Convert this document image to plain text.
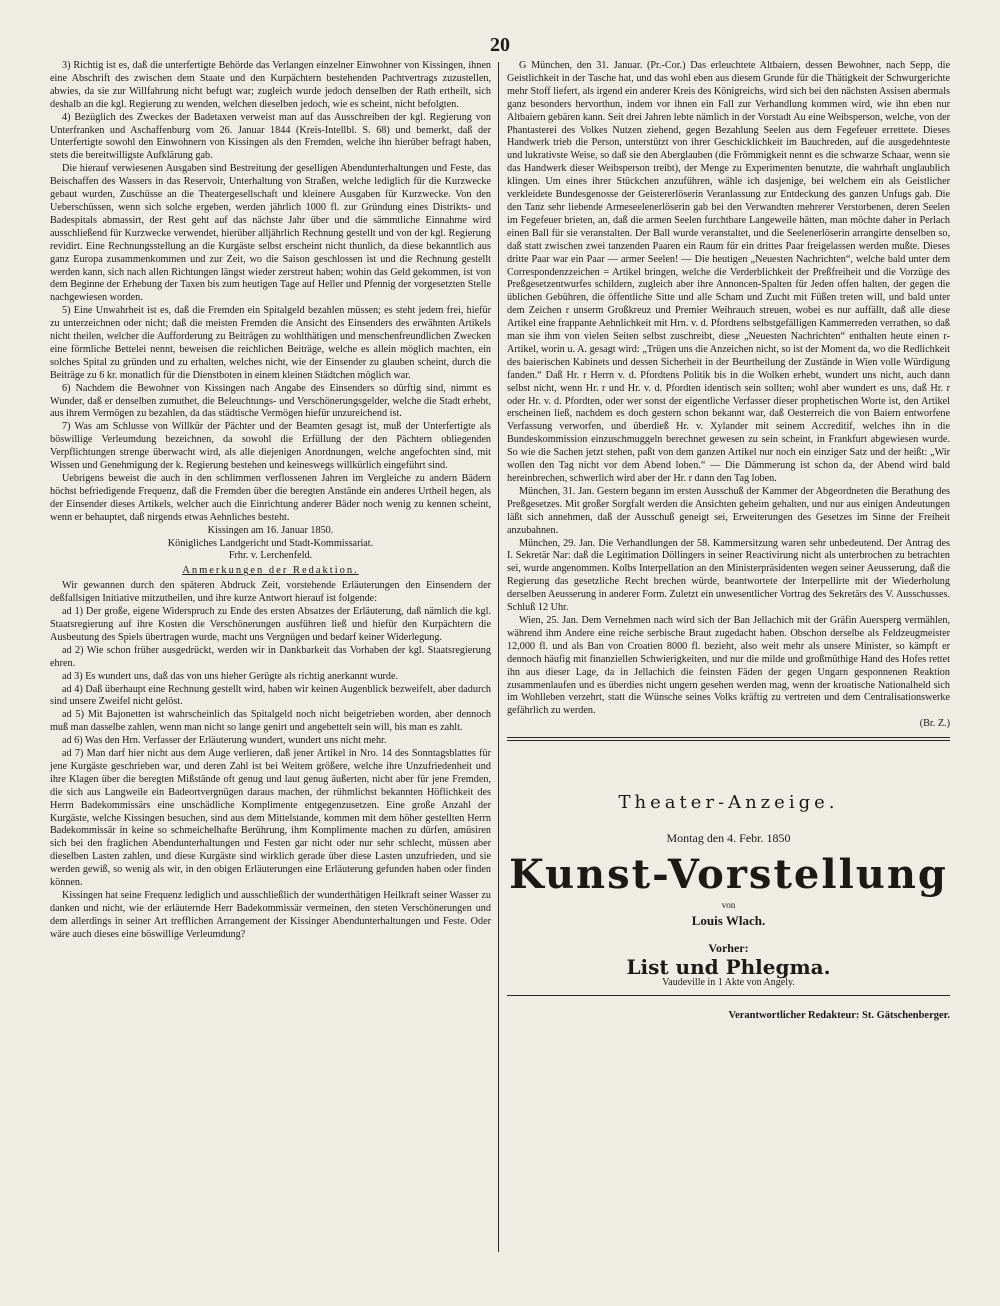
20

3) Richtig ist es, daß die unterfertigte Behörde das Verlangen einzelner Einwohner von Kissingen, ihnen eine Abschrift des zwischen dem Staate und den Kurpächtern bestehenden Pachtvertrags zuzustellen, abwies, da sie zur Willfahrung nicht befugt war; zugleich wurde jedoch denselben der Rath ertheilt, sich deshalb an die kgl. Regierung zu wenden, welchen dieselben jedoch, wie es scheint, nicht befolgten.

4) Bezüglich des Zweckes der Badetaxen verweist man auf das Ausschreiben der kgl. Regierung von Unterfranken und Aschaffenburg vom 26. Januar 1844 (Kreis-Intellbl. S. 68) und bemerkt, daß der Unterfertigte sowohl den Einwohnern von Kissingen als den Fremden, welche ihn hierüber befragt haben, stets die bereitwilligste Aufklärung gab.

Die hierauf verwiesenen Ausgaben sind Bestreitung der geselligen Abendunterhaltungen und Feste, das Beischaffen des Wassers in das Reservoir, Unterhaltung von Straßen, welche lediglich für die Kurzwecke gebaut wurden, Zuschüsse an die Theatergesellschaft und kleinere Ausgaben für Kurzwecke. Von den Ueberschüssen, wenn sich solche ergeben, werden jährlich 1000 fl. zur Gründung eines Distrikts- und Badespitals abmassirt, der Rest geht auf das nächste Jahr über und die sämmtliche Einnahme wird ausschließend für Kurzwecke verwendet, hierüber alljährlich Rechnung gestellt und von der kgl. Regierung revidirt. Eine Rechnungsstellung an die Kurgäste selbst erscheint nicht thunlich, da diese bekanntlich aus ganz Europa zusammenkommen und zur Zeit, wo die Saison geschlossen ist und die Rechnung gestellt werden kann, sich nach allen Richtungen längst wieder zerstreut haben; wohin das Geld gekommen, ist von dem Beginne der Erhebung der Taxen bis zum heutigen Tage auf Heller und Pfennig der vorgesetzten Stelle nachgewiesen worden.

5) Eine Unwahrheit ist es, daß die Fremden ein Spitalgeld bezahlen müssen; es steht jedem frei, hiefür zu unterzeichnen oder nicht; daß die meisten Fremden die Ansicht des Einsenders des erwähnten Artikels nicht theilen, welcher die Aufforderung zu Beiträgen zu wohlthätigen und menschenfreundlichen Zwecken eine förmliche Bettelei nennt, beweisen die reichlichen Beiträge, welche es allein möglich machten, ein solches Spital zu gründen und zu erhalten, welches nicht, wie der Einsender zu glauben scheint, durch die Beiträge zu 6 kr. monatlich für die Dienstboten in einem kleinen Städtchen möglich war.

6) Nachdem die Bewohner von Kissingen nach Angabe des Einsenders so dürftig sind, nimmt es Wunder, daß er denselben zumuthet, die Beleuchtungs- und Verschönerungsgelder, welche die Stadt erhebt, aus ihrem Vermögen zu bezahlen, da das städtische Vermögen hiefür unzureichend ist.

7) Was am Schlusse von Willkür der Pächter und der Beamten gesagt ist, muß der Unterfertigte als böswillige Verleumdung bezeichnen, da sowohl die Erfüllung der den Pächtern obliegenden Verpflichtungen strenge überwacht wird, als alle diejenigen Anordnungen, welche angefochten sind, mit Wissen und Genehmigung der k. Regierung bestehen und keineswegs willkürlich eingeführt sind.

Uebrigens beweist die auch in den schlimmen verflossenen Jahren im Vergleiche zu andern Bädern höchst befriedigende Frequenz, daß die Fremden über die beregten Anstände ein anderes Urtheil hegen, als der Einsender dieses Artikels, welcher auch die Einrichtung anderer Bäder noch wenig zu kennen scheint, wenn er behauptet, daß nirgends etwas Aehnliches besteht.

Kissingen am 16. Januar 1850.

Königliches Landgericht und Stadt-Kommissariat.

Frhr. v. Lerchenfeld.

Anmerkungen der Redaktion.

Wir gewannen durch den späteren Abdruck Zeit, vorstehende Erläuterungen den Einsendern der deßfallsigen Initiative mitzutheilen, und ihre kurze Antwort hierauf ist folgende:

ad 1) Der große, eigene Widerspruch zu Ende des ersten Absatzes der Erläuterung, daß nämlich die kgl. Staatsregierung auf ihre Kosten die Verschönerungen ausführen ließ und hiefür den Kurpächtern die Ausbeutung des Spiels übertragen wurde, macht uns Vergnügen und bedarf keiner Widerlegung.

ad 2) Wie schon früher ausgedrückt, werden wir in Dankbarkeit das Vorhaben der kgl. Staatsregierung ehren.

ad 3) Es wundert uns, daß das von uns hieher Gerügte als richtig anerkannt wurde.

ad 4) Daß überhaupt eine Rechnung gestellt wird, haben wir keinen Augenblick bezweifelt, aber dadurch sind unsere Zweifel nicht gelöst.

ad 5) Mit Bajonetten ist wahrscheinlich das Spitalgeld noch nicht beigetrieben worden, aber dennoch muß man dasselbe zahlen, wenn man nicht so lange genirt und angebettelt sein will, bis man es zahlt.

ad 6) Was den Hrn. Verfasser der Erläuterung wundert, wundert uns nicht mehr.

ad 7) Man darf hier nicht aus dem Auge verlieren, daß jener Artikel in Nro. 14 des Sonntagsblattes für jene Kurgäste geschrieben war, und deren Zahl ist bei Weitem größere, welche ihre Unzufriedenheit und ihre Klagen über die beregten Mißstände oft genug und laut genug äußerten, nicht aber für jene Fremden, die sich aus Langweile ein Badeortvergnügen daraus machen, der rühmlichst bekannten Höflichkeit des Herrn Badekommissärs eine unschädliche Komplimente entgegenzusetzen. Eine große Anzahl der Kurgäste, welche Kissingen besuchen, sind aus dem Mittelstande, kommen mit dem höher gestellten Herrn Badekommissär in keine so schmeichelhafte Berührung, ihm Komplimente machen zu dürfen, amüsiren sich bei den fraglichen Abendunterhaltungen und Festen gar nicht oder nur sehr schlecht, müssen aber dieselben Lasten zahlen, und diese Kurgäste sind wirklich gerade über diese Lasten unzufrieden, und sie werden gewiß, so wenig als wir, in den obigen Erläuterungen eine Erläuterung gefunden haben oder finden können.

Kissingen hat seine Frequenz lediglich und ausschließlich der wunderthätigen Heilkraft seiner Wasser zu danken und nicht, wie der erläuternde Herr Badekommissär vermeinen, den steten Verschönerungen und dem allerdings in seiner Art trefflichen Arrangement der Kissinger Abendunterhaltungen und Feste. Oder wäre auch dieses eine böswillige Verleumdung?

G München, den 31. Januar. (Pr.-Cor.) Das erleuchtete Altbaiern, dessen Bewohner, nach Sepp, die Geistlichkeit in der Tasche hat, und das wohl eben aus diesem Grunde für die Thätigkeit der Schwurgerichte mehr Stoff liefert, als irgend ein anderer Kreis des Königreichs, wird sich bei den nächsten Assisen abermals ganz besonders hervorthun, indem vor ihnen ein Fall zur Verhandlung kommen wird, wie ihn eben nur Altbaiern gebären kann. Seit drei Jahren lebte nämlich in der Vorstadt Au eine Weibsperson, welche, von der Phantasterei des Volkes Nutzen ziehend, gegen Bezahlung Seelen aus dem Fegefeuer errettete. Dieses Handwerk trieb die Person, unterstützt von ihrer Geschicklichkeit im Bauchreden, auf die ausgedehnteste und lukrativste Weise, so daß sie den Aberglauben (die Frömmigkeit nennt es die schwarze Schaar, wenn sie das Handwerk dieser Weibsperson treibt), der Menge zu Experimenten benutzte, die wahrhaft unglaublich klingen. Um eines ihrer Stückchen anzuführen, wähle ich dasjenige, bei welchem ein als Geistlicher verkleidete Bundesgenosse der Geistererlöserin Veranlassung zur Entdeckung des ganzen Unfugs gab. Die den Tanz sehr liebende Armeseelenerlöserin gab bei den Verwandten mehrerer Verstorbenen, deren Seelen im Fegefeuer brieten, an, daß die armen Seelen furchtbare Langeweile hätten, man möchte daher in Perlach einen Ball für sie veranstalten. Der Ball wurde veranstaltet, und die Seelenerlöserin arrangirte denselben so, daß statt zwischen zwei tanzenden Paaren ein Raum für ein drittes Paar freigelassen werden mußte. Dieses dritte Paar war ein Paar — armer Seelen! — Die heutigen „Neuesten Nachrichten“, welche bald unter dem Correspondenzzeichen = Artikel bringen, welche die Verderblichkeit der Preßfreiheit und die Vorzüge des Preßgesetzentwurfes schildern, zugleich aber ihre Annoncen-Spalten für Jeden offen halten, der gegen die üblichen Gebühren, die öffentliche Sitte und alle Scham und Zucht mit Füßen treten will, und bald unter dem Zeichen r unserm Großkreuz und Premier Weihrauch streuen, wobei es nur auffällt, daß alle diese Artikel eine frappante Aehnlichkeit mit Hrn. v. d. Pfordtens selbstgefälligen Kammerreden verrathen, so daß man sie ihm von vielen Seiten selbst zuschreibt, diese „Neuesten Nachrichten“ enthalten heute einen r-Artikel, worin u. A. gesagt wird: „Trügen uns die Anzeichen nicht, so ist der Moment da, wo die Redlichkeit des baierischen Kabinets und dessen Sicherheit in der Beurtheilung der Zustände in Wien volle Würdigung fanden.“ Daß Hr. r Herrn v. d. Pfordtens Politik bis in die Wolken erhebt, wundert uns nicht, auch dann selbst nicht, wenn Hr. r und Hr. v. d. Pfordten identisch sein sollten; wohl aber wundert es uns, daß Hr. r oder Hr. v. d. Pfordten, oder wer sonst der eigentliche Verfasser dieser prophetischen Worte ist, den Artikel erscheinen ließ, nachdem es doch gestern schon bekannt war, daß Oesterreich die von Baiern entworfene Verfassung verworfen, und überdieß Hr. v. Xylander mit seinem Accreditif, welches ihn in die Bundeskommission einzuschmuggeln berechnet gewesen zu sein scheint, in Frankfurt abgewiesen wurde. So wie die Sachen jetzt stehen, paßt von dem ganzen Artikel nur noch ein einziger Satz und der heißt: „Wir wollen den Tag nicht vor dem Abend loben.“ — Die Dämmerung ist schon da, der Abend wird bald hereinbrechen, schwerlich wird aber der Hr. r dann den Tag loben.

München, 31. Jan. Gestern begann im ersten Ausschuß der Kammer der Abgeordneten die Berathung des Preßgesetzes. Mit großer Sorgfalt werden die Ansichten geheim gehalten, und nur aus einigen Andeutungen läßt sich annehmen, daß der Ausschuß geneigt sei, Erweiterungen des Gesetzes im Sinne der Freiheit anzubahnen.

München, 29. Jan. Die Verhandlungen der 58. Kammersitzung waren sehr unbedeutend. Der Antrag des I. Sekretär Nar: daß die Legitimation Döllingers in seiner Reactivirung nicht als unterbrochen zu betrachten sei, wurde angenommen. Kolbs Interpellation an den Ministerpräsidenten wegen seiner Aeusserung, daß die Regierung das gesetzliche Recht brechen würde, beantwortete der Interpellirte mit der Wiederholung derselben Aeusserung in anderer Form. Zuletzt ein unwesentlicher Vortrag des Sekretärs des V. Ausschusses. Schluß 12 Uhr.

Wien, 25. Jan. Dem Vernehmen nach wird sich der Ban Jellachich mit der Gräfin Auersperg vermählen, während ihm Andere eine reiche serbische Braut zugedacht haben. Obschon derselbe als Feldzeugmeister 12,000 fl. und als Ban von Croatien 8000 fl. bezieht, also weit mehr als unsere Minister, so kämpft er dennoch häufig mit finanziellen Schwierigkeiten, und nur die milde und großmüthige Hand des Hofes rettet ihn aus dieser Lage, da in Jellachich die feinsten Fäden der gegen Ungarn gesponnenen Reaktion zusammenlaufen und es überdies nicht ungern gesehen werden mag, wenn der kroatische Nationalheld sich im Wohlleben verzehrt, statt die Wünsche seines Volks kräftig zu vertreten und dem Centralisationswerke gefährlich zu werden.

(Br. Z.)

Theater-Anzeige.
Montag den 4. Febr. 1850
Kunst-Vorstellung
von
Louis Wlach.
Vorher:
List und Phlegma.
Vaudeville in 1 Akte von Angely.
Verantwortlicher Redakteur: St. Gätschenberger.
